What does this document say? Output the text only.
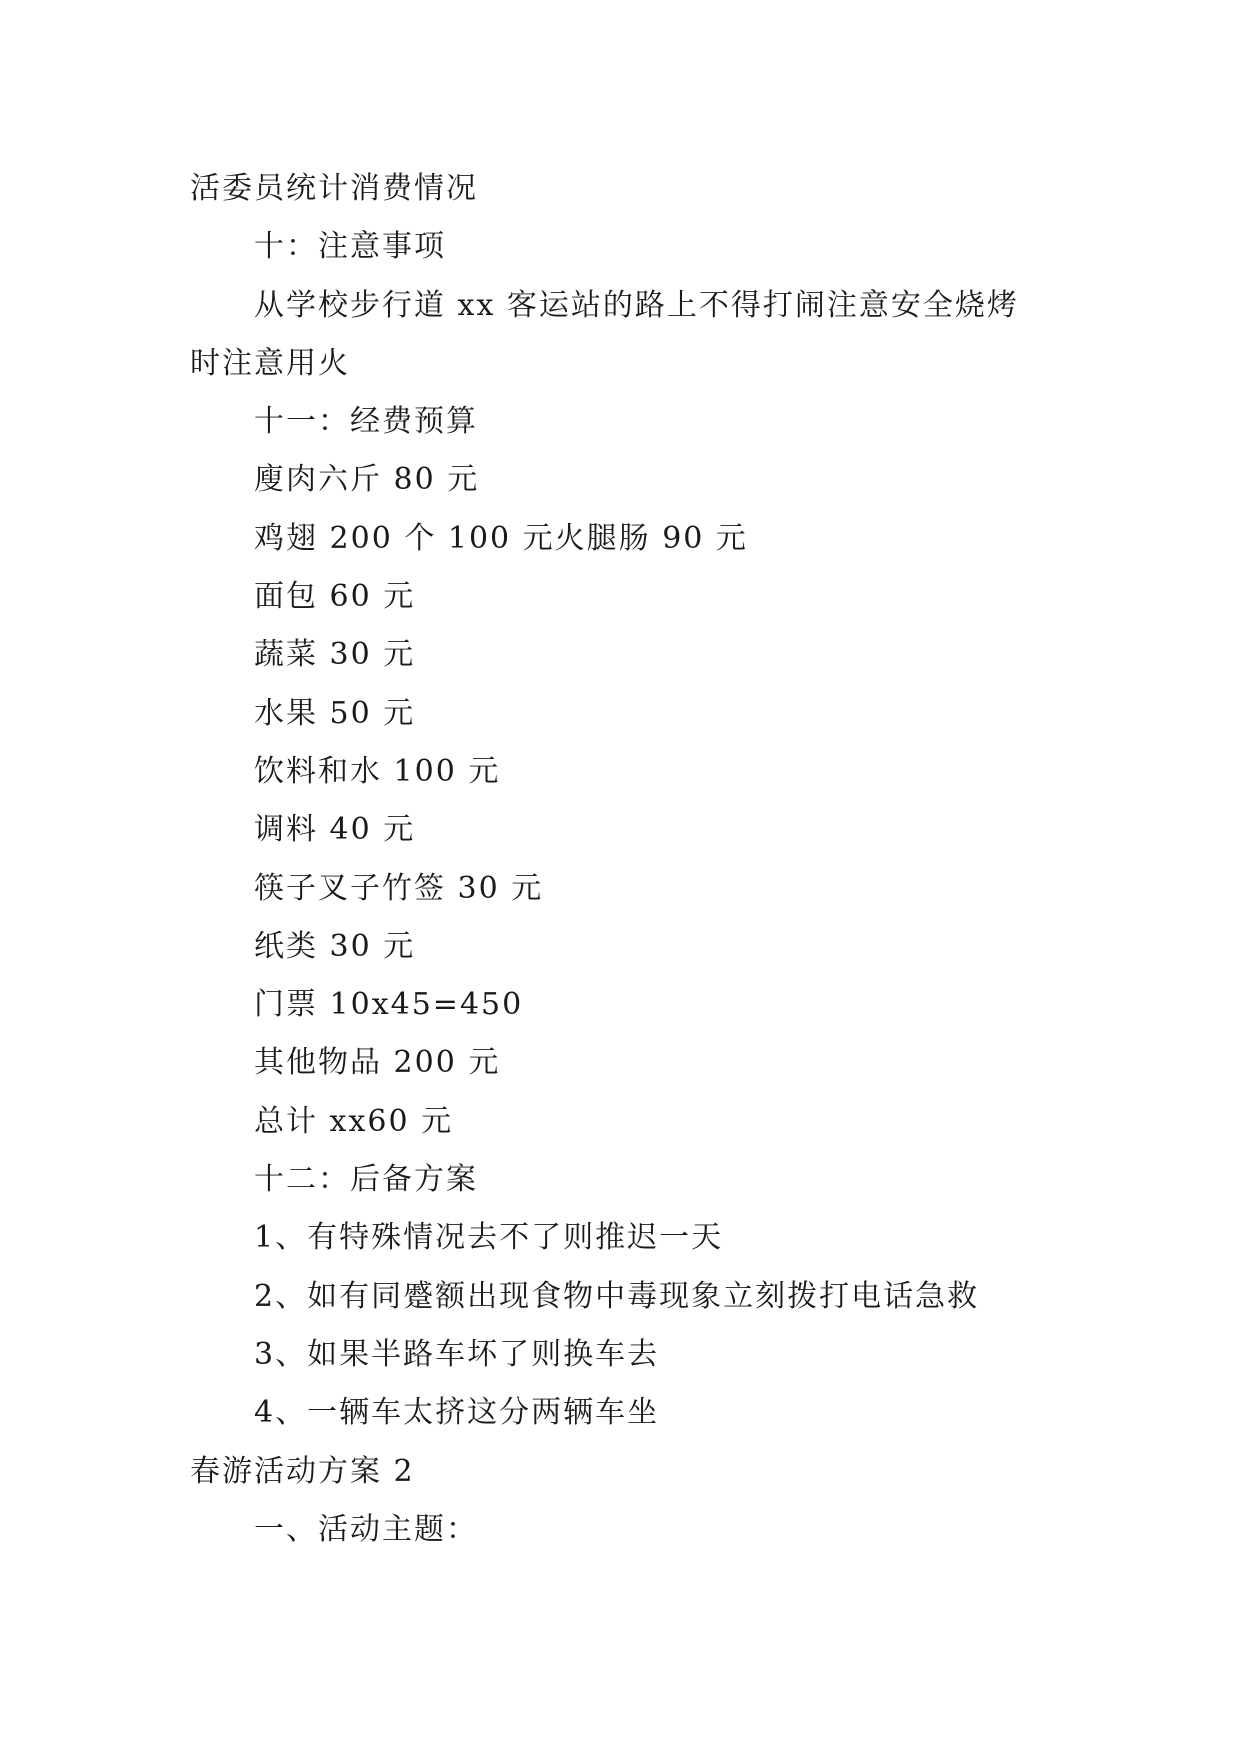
活委员统计消费情况
十：注意事项
从学校步行道 xx 客运站的路上不得打闹注意安全烧烤
时注意用火
十一：经费预算
廋肉六斤 80 元
鸡翅 200 个 100 元火腿肠 90 元
面包 60 元
蔬菜 30 元
水果 50 元
饮料和水 100 元
调料 40 元
筷子叉子竹签 30 元
纸类 30 元
门票 10x45=450
其他物品 200 元
总计 xx60 元
十二：后备方案
1、有特殊情况去不了则推迟一天
2、如有同蹙额出现食物中毒现象立刻拨打电话急救
3、如果半路车坏了则换车去
4、一辆车太挤这分两辆车坐
春游活动方案 2
一、活动主题：
